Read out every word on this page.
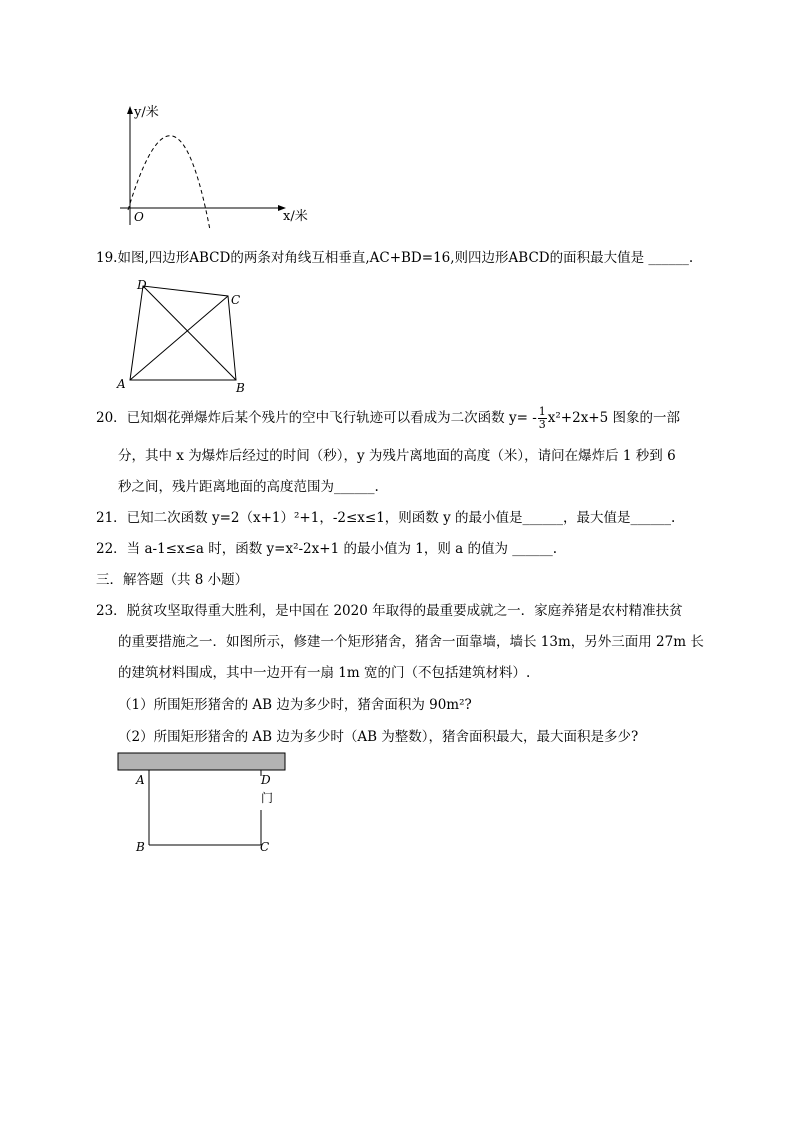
y/米
x/米
O
19.如图,四边形ABCD的两条对角线互相垂直,AC+BD=16,则四边形ABCD的面积最大值是 ______.
A	B
C
D
20．已知烟花弹爆炸后某个残片的空中飞行轨迹可以看成为二次函数 $y= - \frac{1}{3} x^2+2x+5$ 图象的一部
分，其中 x 为爆炸后经过的时间（秒），y 为残片离地面的高度（米），请问在爆炸后 1 秒到 6
秒之间，残片距离地面的高度范围为______.
21．已知二次函数 y=2（x+1）²+1，-2≤x≤1，则函数 y 的最小值是______，最大值是______.
22．当 a-1≤x≤a 时，函数 y=x²-2x+1 的最小值为 1，则 a 的值为 ______.
三．解答题（共 8 小题）
23．脱贫攻坚取得重大胜利，是中国在 2020 年取得的最重要成就之一．家庭养猪是农村精准扶贫
的重要措施之一．如图所示，修建一个矩形猪舍，猪舍一面靠墙，墙长 13m，另外三面用 27m 长
的建筑材料围成，其中一边开有一扇 1m 宽的门（不包括建筑材料）.
（1）所围矩形猪舍的 AB 边为多少时，猪舍面积为 90m²?
（2）所围矩形猪舍的 AB 边为多少时（AB 为整数），猪舍面积最大，最大面积是多少?
A
B	C
D
门
